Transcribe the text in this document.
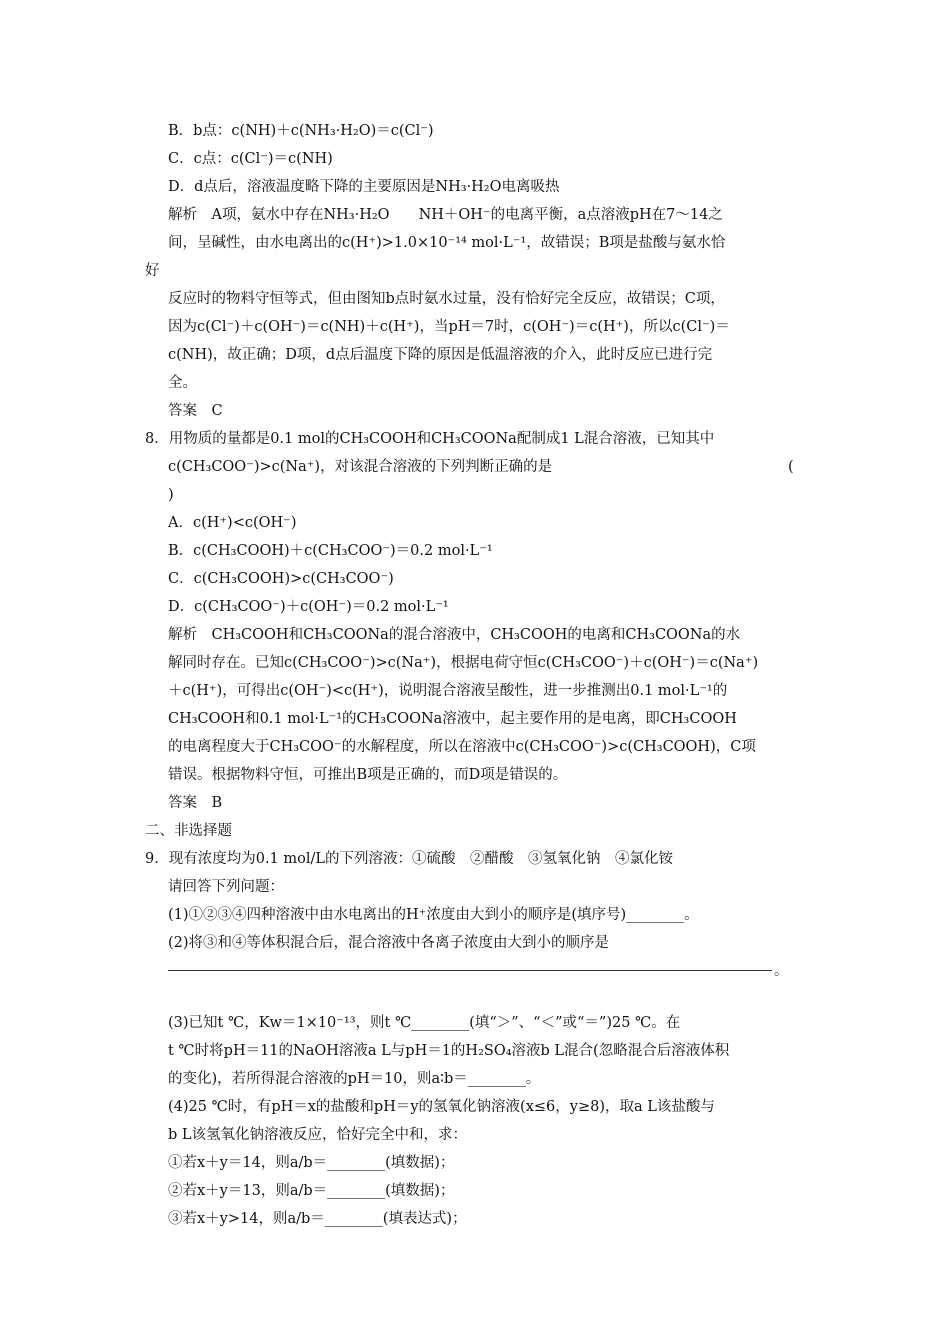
B．b点：c(NH)＋c(NH₃·H₂O)＝c(Cl⁻)
C．c点：c(Cl⁻)＝c(NH)
D．d点后，溶液温度略下降的主要原因是NH₃·H₂O电离吸热
解析　A项，氨水中存在NH₃·H₂O　　NH＋OH⁻的电离平衡，a点溶液pH在7～14之
间，呈碱性，由水电离出的c(H⁺)>1.0×10⁻¹⁴ mol·L⁻¹，故错误；B项是盐酸与氨水恰
好
反应时的物料守恒等式，但由图知b点时氨水过量，没有恰好完全反应，故错误；C项，
因为c(Cl⁻)＋c(OH⁻)＝c(NH)＋c(H⁺)，当pH＝7时，c(OH⁻)＝c(H⁺)，所以c(Cl⁻)＝
c(NH)，故正确；D项，d点后温度下降的原因是低温溶液的介入，此时反应已进行完
全。
答案　C
8．用物质的量都是0.1 mol的CH₃COOH和CH₃COONa配制成1 L混合溶液，已知其中
c(CH₃COO⁻)>c(Na⁺)，对该混合溶液的下列判断正确的是	(
)
A．c(H⁺)<c(OH⁻)
B．c(CH₃COOH)＋c(CH₃COO⁻)＝0.2 mol·L⁻¹
C．c(CH₃COOH)>c(CH₃COO⁻)
D．c(CH₃COO⁻)＋c(OH⁻)＝0.2 mol·L⁻¹
解析　CH₃COOH和CH₃COONa的混合溶液中，CH₃COOH的电离和CH₃COONa的水
解同时存在。已知c(CH₃COO⁻)>c(Na⁺)，根据电荷守恒c(CH₃COO⁻)＋c(OH⁻)＝c(Na⁺)
＋c(H⁺)，可得出c(OH⁻)<c(H⁺)，说明混合溶液呈酸性，进一步推测出0.1 mol·L⁻¹的
CH₃COOH和0.1 mol·L⁻¹的CH₃COONa溶液中，起主要作用的是电离，即CH₃COOH
的电离程度大于CH₃COO⁻的水解程度，所以在溶液中c(CH₃COO⁻)>c(CH₃COOH)，C项
错误。根据物料守恒，可推出B项是正确的，而D项是错误的。
答案　B
二、非选择题
9．现有浓度均为0.1 mol/L的下列溶液：①硫酸　②醋酸　③氢氧化钠　④氯化铵
请回答下列问题：
(1)①②③④四种溶液中由水电离出的H⁺浓度由大到小的顺序是(填序号)________。
(2)将③和④等体积混合后，混合溶液中各离子浓度由大到小的顺序是
。
(3)已知t ℃，Kw＝1×10⁻¹³，则t ℃________(填“＞”、“＜”或“＝”)25 ℃。在
t ℃时将pH＝11的NaOH溶液a L与pH＝1的H₂SO₄溶液b L混合(忽略混合后溶液体积
的变化)，若所得混合溶液的pH＝10，则a∶b＝________。
(4)25 ℃时，有pH＝x的盐酸和pH＝y的氢氧化钠溶液(x≤6，y≥8)，取a L该盐酸与
b L该氢氧化钠溶液反应，恰好完全中和，求：
①若x＋y＝14，则a/b＝________(填数据)；
②若x＋y＝13，则a/b＝________(填数据)；
③若x＋y>14，则a/b＝________(填表达式)；
